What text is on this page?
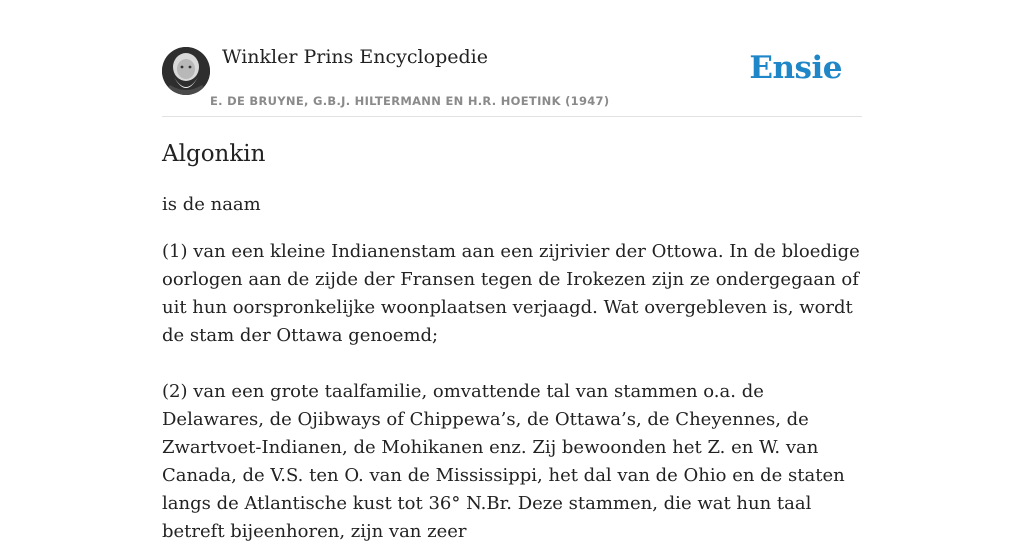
Winkler Prins Encyclopedie
E. DE BRUYNE, G.B.J. HILTERMANN EN H.R. HOETINK (1947)
Ensie
Algonkin

is de naam

(1) van een kleine Indianenstam aan een zijrivier der Ottowa. In de bloedige oorlogen aan de zijde der Fransen tegen de Irokezen zijn ze ondergegaan of uit hun oorspronkelijke woonplaatsen verjaagd. Wat overgebleven is, wordt de stam der Ottawa genoemd;

(2) van een grote taalfamilie, omvattende tal van stammen o.a. de Delawares, de Ojibways of Chippewa’s, de Ottawa’s, de Cheyennes, de Zwartvoet-Indianen, de Mohikanen enz. Zij bewoonden het Z. en W. van Canada, de V.S. ten O. van de Mississippi, het dal van de Ohio en de staten langs de Atlantische kust tot 36° N.Br. Deze stammen, die wat hun taal betreft bijeenhoren, zijn van zeer
